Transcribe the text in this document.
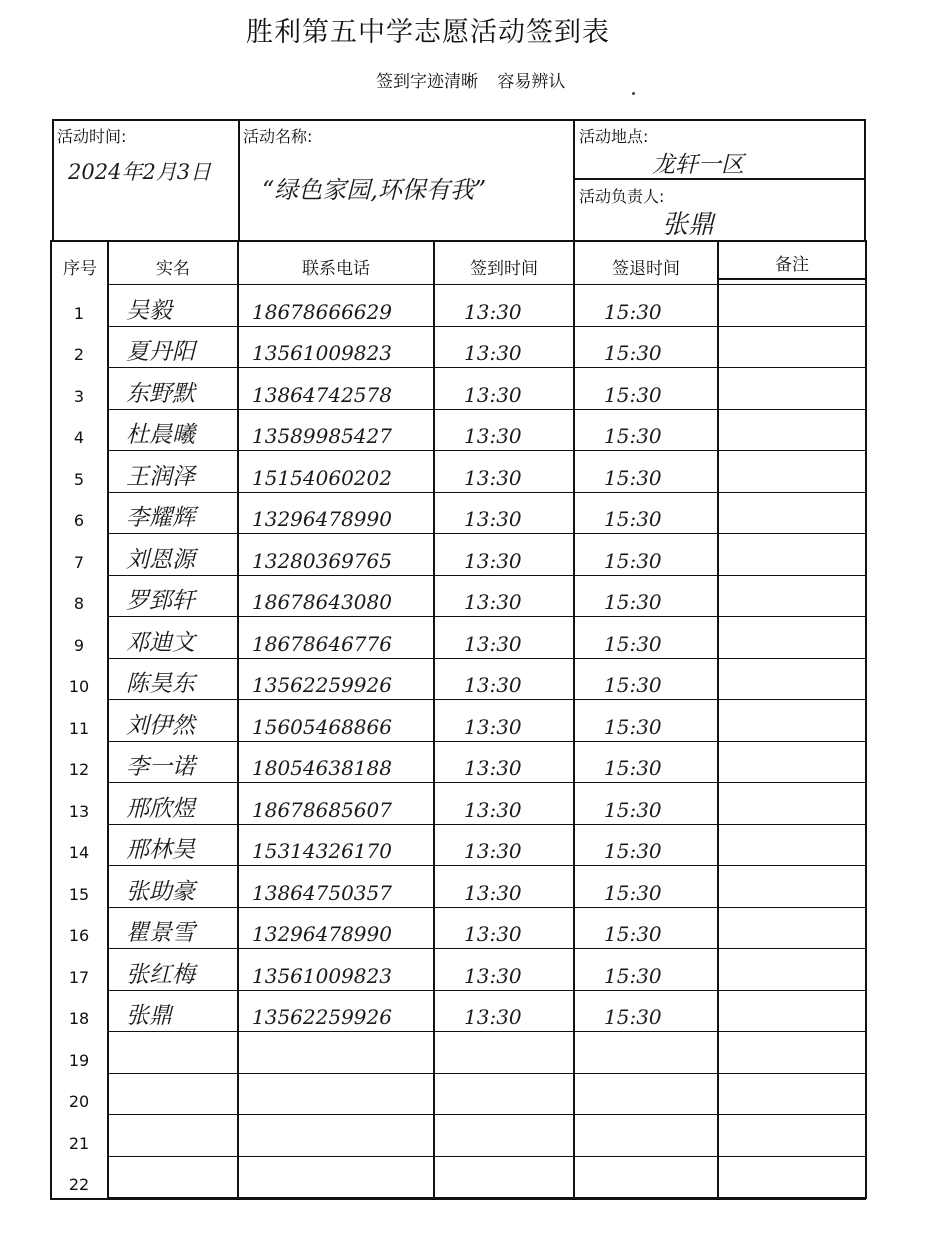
胜利第五中学志愿活动签到表
签到字迹清晰 容易辨认
活动时间:
2024年2月3日
活动名称:
“绿色家园,环保有我”
活动地点:
龙轩一区
活动负责人:
张鼎
序号	实名	联系电话	签到时间	签退时间	备注
1	吴毅	18678666629	13:30	15:30
2	夏丹阳	13561009823	13:30	15:30
3	东野默	13864742578	13:30	15:30
4	杜晨曦	13589985427	13:30	15:30
5	王润泽	15154060202	13:30	15:30
6	李耀辉	13296478990	13:30	15:30
7	刘恩源	13280369765	13:30	15:30
8	罗郅轩	18678643080	13:30	15:30
9	邓迪文	18678646776	13:30	15:30
10	陈昊东	13562259926	13:30	15:30
11	刘伊然	15605468866	13:30	15:30
12	李一诺	18054638188	13:30	15:30
13	邢欣煜	18678685607	13:30	15:30
14	邢林昊	15314326170	13:30	15:30
15	张助豪	13864750357	13:30	15:30
16	瞿景雪	13296478990	13:30	15:30
17	张红梅	13561009823	13:30	15:30
18	张鼎	13562259926	13:30	15:30
19
20
21
22
